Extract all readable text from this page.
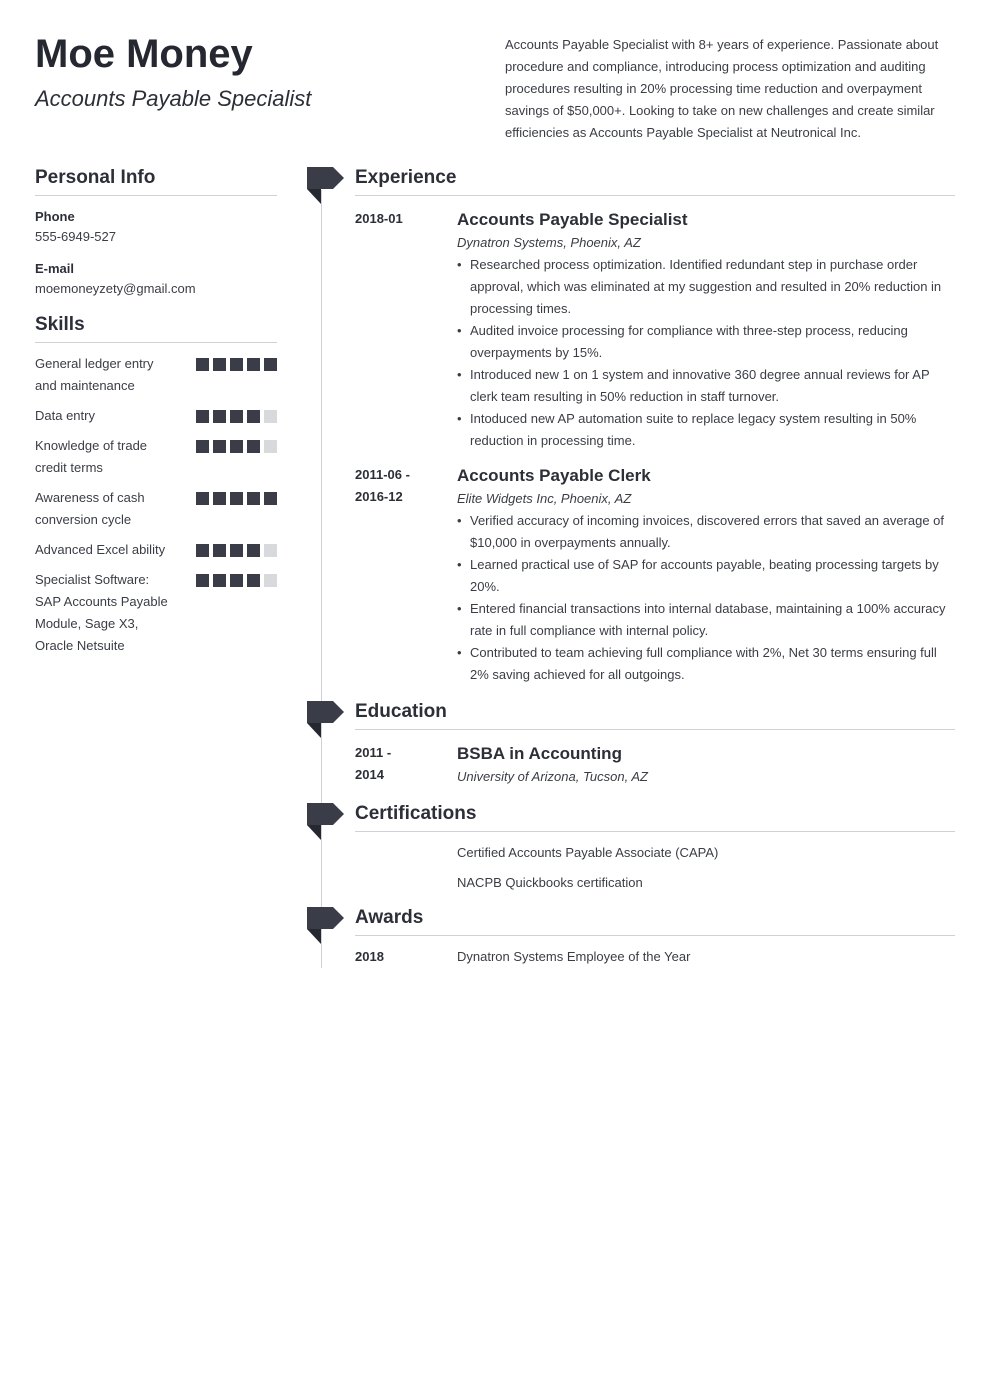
Moe Money
Accounts Payable Specialist
Accounts Payable Specialist with 8+ years of experience. Passionate about procedure and compliance, introducing process optimization and auditing procedures resulting in 20% processing time reduction and overpayment savings of $50,000+. Looking to take on new challenges and create similar efficiencies as Accounts Payable Specialist at Neutronical Inc.
Personal Info
Phone
555-6949-527
E-mail
moemoneyzety@gmail.com
Skills
General ledger entry and maintenance
Data entry
Knowledge of trade credit terms
Awareness of cash conversion cycle
Advanced Excel ability
Specialist Software: SAP Accounts Payable Module, Sage X3, Oracle Netsuite
Experience
2018-01	Accounts Payable Specialist
Dynatron Systems, Phoenix, AZ
• Researched process optimization. Identified redundant step in purchase order approval, which was eliminated at my suggestion and resulted in 20% reduction in processing times.
• Audited invoice processing for compliance with three-step process, reducing overpayments by 15%.
• Introduced new 1 on 1 system and innovative 360 degree annual reviews for AP clerk team resulting in 50% reduction in staff turnover.
• Intoduced new AP automation suite to replace legacy system resulting in 50% reduction in processing time.
2011-06 - 2016-12
Accounts Payable Clerk
Elite Widgets Inc, Phoenix, AZ
• Verified accuracy of incoming invoices, discovered errors that saved an average of $10,000 in overpayments annually.
• Learned practical use of SAP for accounts payable, beating processing targets by 20%.
• Entered financial transactions into internal database, maintaining a 100% accuracy rate in full compliance with internal policy.
• Contributed to team achieving full compliance with 2%, Net 30 terms ensuring full 2% saving achieved for all outgoings.
Education
2011 - 2014
BSBA in Accounting
University of Arizona, Tucson, AZ
Certifications
Certified Accounts Payable Associate (CAPA)
NACPB Quickbooks certification
Awards
2018	Dynatron Systems Employee of the Year
